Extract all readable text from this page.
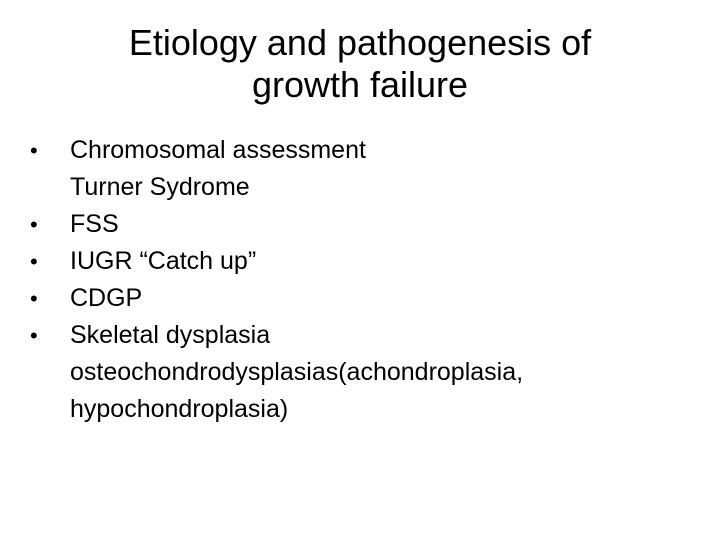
Etiology and pathogenesis of
growth failure
•	Chromosomal assessment
Turner Sydrome
•	FSS
•	IUGR “Catch up”
•	CDGP
•	Skeletal dysplasia
osteochondrodysplasias(achondroplasia,
hypochondroplasia)
